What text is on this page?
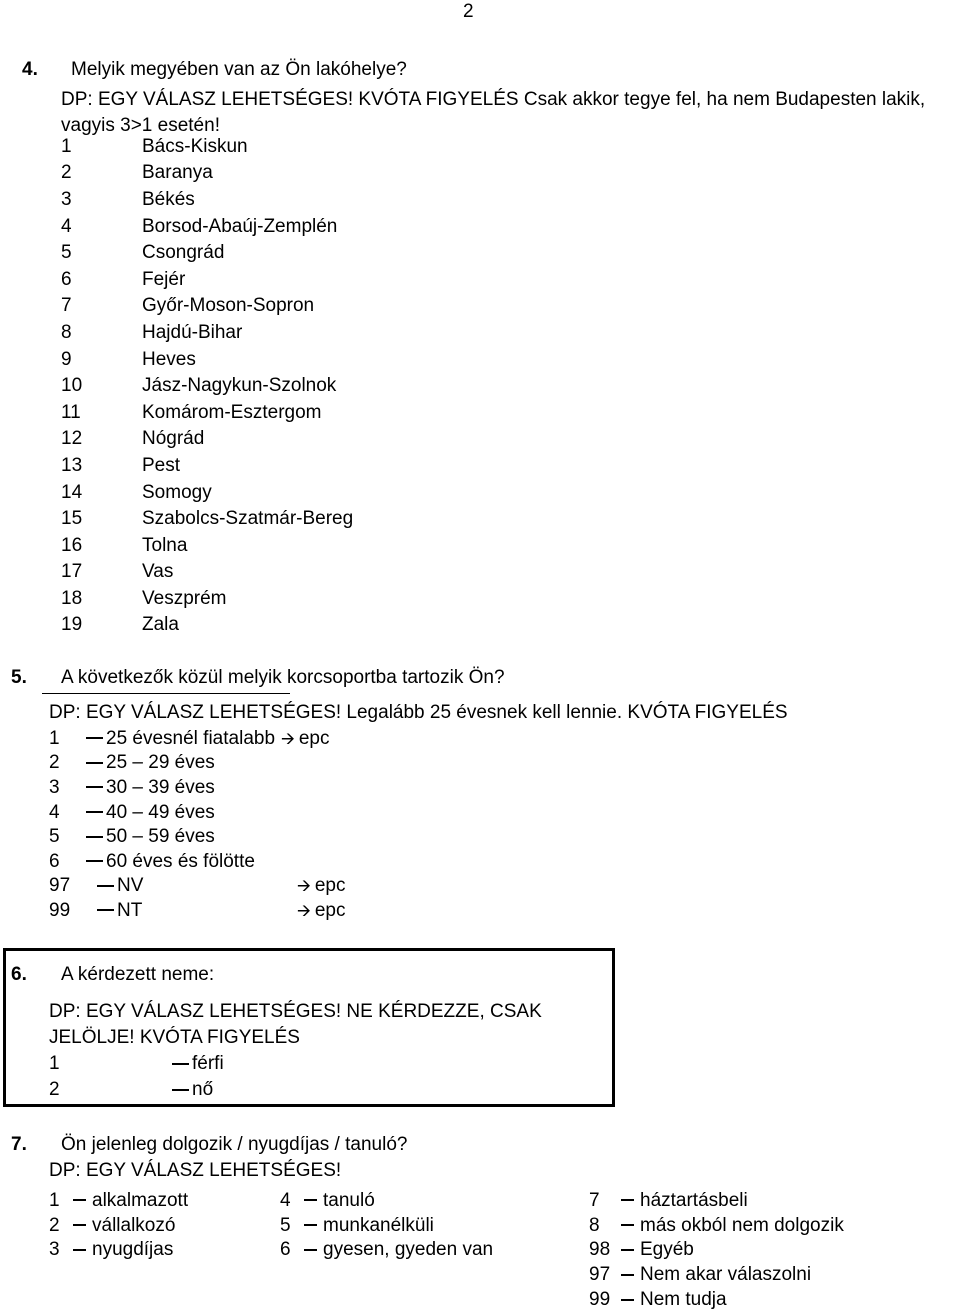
2
4. Melyik megyében van az Ön lakóhelye?
DP: EGY VÁLASZ LEHETSÉGES! KVÓTA FIGYELÉS Csak akkor tegye fel, ha nem Budapesten lakik, vagyis 3>1 esetén!
1	Bács-Kiskun
2	Baranya
3	Békés
4	Borsod-Abaúj-Zemplén
5	Csongrád
6	Fejér
7	Győr-Moson-Sopron
8	Hajdú-Bihar
9	Heves
10	Jász-Nagykun-Szolnok
11	Komárom-Esztergom
12	Nógrád
13	Pest
14	Somogy
15	Szabolcs-Szatmár-Bereg
16	Tolna
17	Vas
18	Veszprém
19	Zala
5. A következők közül melyik korcsoportba tartozik Ön?
DP: EGY VÁLASZ LEHETSÉGES! Legalább 25 évesnek kell lennie. KVÓTA FIGYELÉS
1	25 évesnél fiatalabb 🡪 epc
2	25 – 29 éves
3	30 – 39 éves
4	40 – 49 éves
5	50 – 59 éves
6	60 éves és fölötte
97	NV	🡪 epc
99	NT	🡪 epc
6. A kérdezett neme:
DP: EGY VÁLASZ LEHETSÉGES! NE KÉRDEZZE, CSAK JELÖLJE! KVÓTA FIGYELÉS
1	férfi
2	nő
7. Ön jelenleg dolgozik / nyugdíjas / tanuló?
DP: EGY VÁLASZ LEHETSÉGES!
1	alkalmazott
2	vállalkozó
3	nyugdíjas
4	tanuló
5	munkanélküli
6	gyesen, gyeden van
7	háztartásbeli
8	más okból nem dolgozik
98	Egyéb
97	Nem akar válaszolni
99	Nem tudja
